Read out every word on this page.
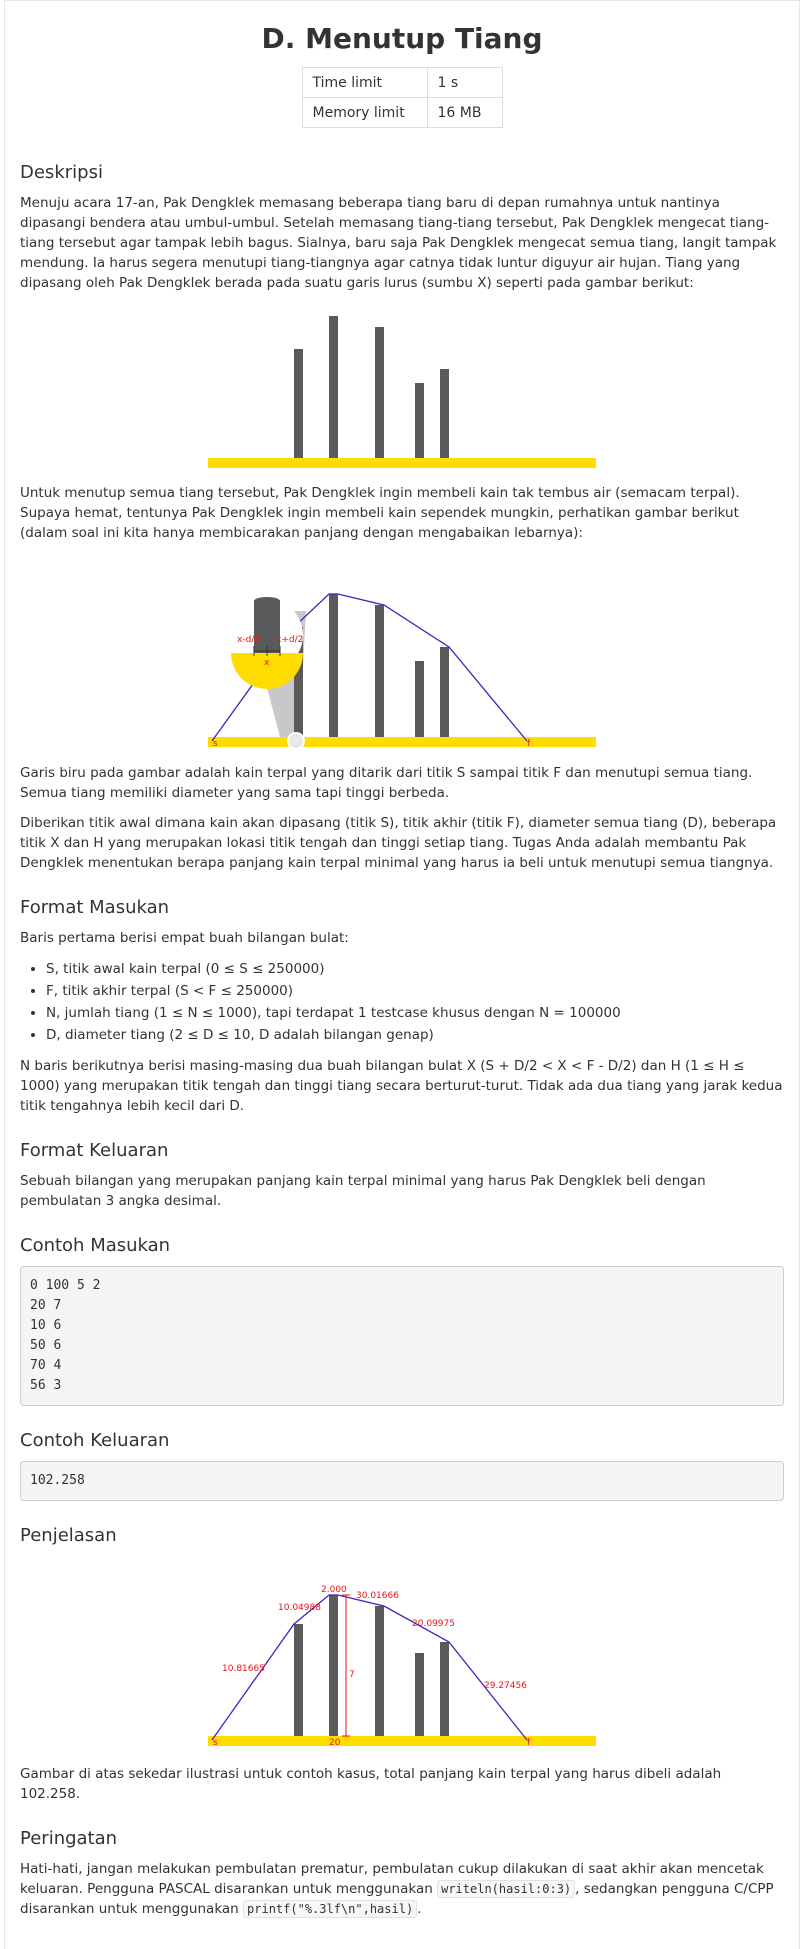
D. Menutup Tiang
Time limit	1 s
Memory limit	16 MB
Deskripsi

Menuju acara 17-an, Pak Dengklek memasang beberapa tiang baru di depan rumahnya untuk nantinya dipasangi bendera atau umbul-umbul. Setelah memasang tiang-tiang tersebut, Pak Dengklek mengecat tiang-tiang tersebut agar tampak lebih bagus. Sialnya, baru saja Pak Dengklek mengecat semua tiang, langit tampak mendung. Ia harus segera menutupi tiang-tiangnya agar catnya tidak luntur diguyur air hujan. Tiang yang dipasang oleh Pak Dengklek berada pada suatu garis lurus (sumbu X) seperti pada gambar berikut:

Untuk menutup semua tiang tersebut, Pak Dengklek ingin membeli kain tak tembus air (semacam terpal). Supaya hemat, tentunya Pak Dengklek ingin membeli kain sependek mungkin, perhatikan gambar berikut (dalam soal ini kita hanya membicarakan panjang dengan mengabaikan lebarnya):

x-d/2 x+d/2
x
s	f

Garis biru pada gambar adalah kain terpal yang ditarik dari titik S sampai titik F dan menutupi semua tiang. Semua tiang memiliki diameter yang sama tapi tinggi berbeda.

Diberikan titik awal dimana kain akan dipasang (titik S), titik akhir (titik F), diameter semua tiang (D), beberapa titik X dan H yang merupakan lokasi titik tengah dan tinggi setiap tiang. Tugas Anda adalah membantu Pak Dengklek menentukan berapa panjang kain terpal minimal yang harus ia beli untuk menutupi semua tiangnya.

Format Masukan

Baris pertama berisi empat buah bilangan bulat:

• S, titik awal kain terpal (0 ≤ S ≤ 250000)
• F, titik akhir terpal (S < F ≤ 250000)
• N, jumlah tiang (1 ≤ N ≤ 1000), tapi terdapat 1 testcase khusus dengan N = 100000
• D, diameter tiang (2 ≤ D ≤ 10, D adalah bilangan genap)

N baris berikutnya berisi masing-masing dua buah bilangan bulat X (S + D/2 < X < F - D/2) dan H (1 ≤ H ≤ 1000) yang merupakan titik tengah dan tinggi tiang secara berturut-turut. Tidak ada dua tiang yang jarak kedua titik tengahnya lebih kecil dari D.

Format Keluaran

Sebuah bilangan yang merupakan panjang kain terpal minimal yang harus Pak Dengklek beli dengan pembulatan 3 angka desimal.

Contoh Masukan
0 100 5 2
20 7
10 6
50 6
70 4
56 3
Contoh Keluaran
102.258
Penjelasan
10.81665
10.04988
2.000
30.01666
20.09975
29.27456
7
20
s	f

Gambar di atas sekedar ilustrasi untuk contoh kasus, total panjang kain terpal yang harus dibeli adalah 102.258.

Peringatan

Hati-hati, jangan melakukan pembulatan prematur, pembulatan cukup dilakukan di saat akhir akan mencetak keluaran. Pengguna PASCAL disarankan untuk menggunakan writeln(hasil:0:3) , sedangkan pengguna C/CPP disarankan untuk menggunakan printf("%.3lf\n",hasil) .
